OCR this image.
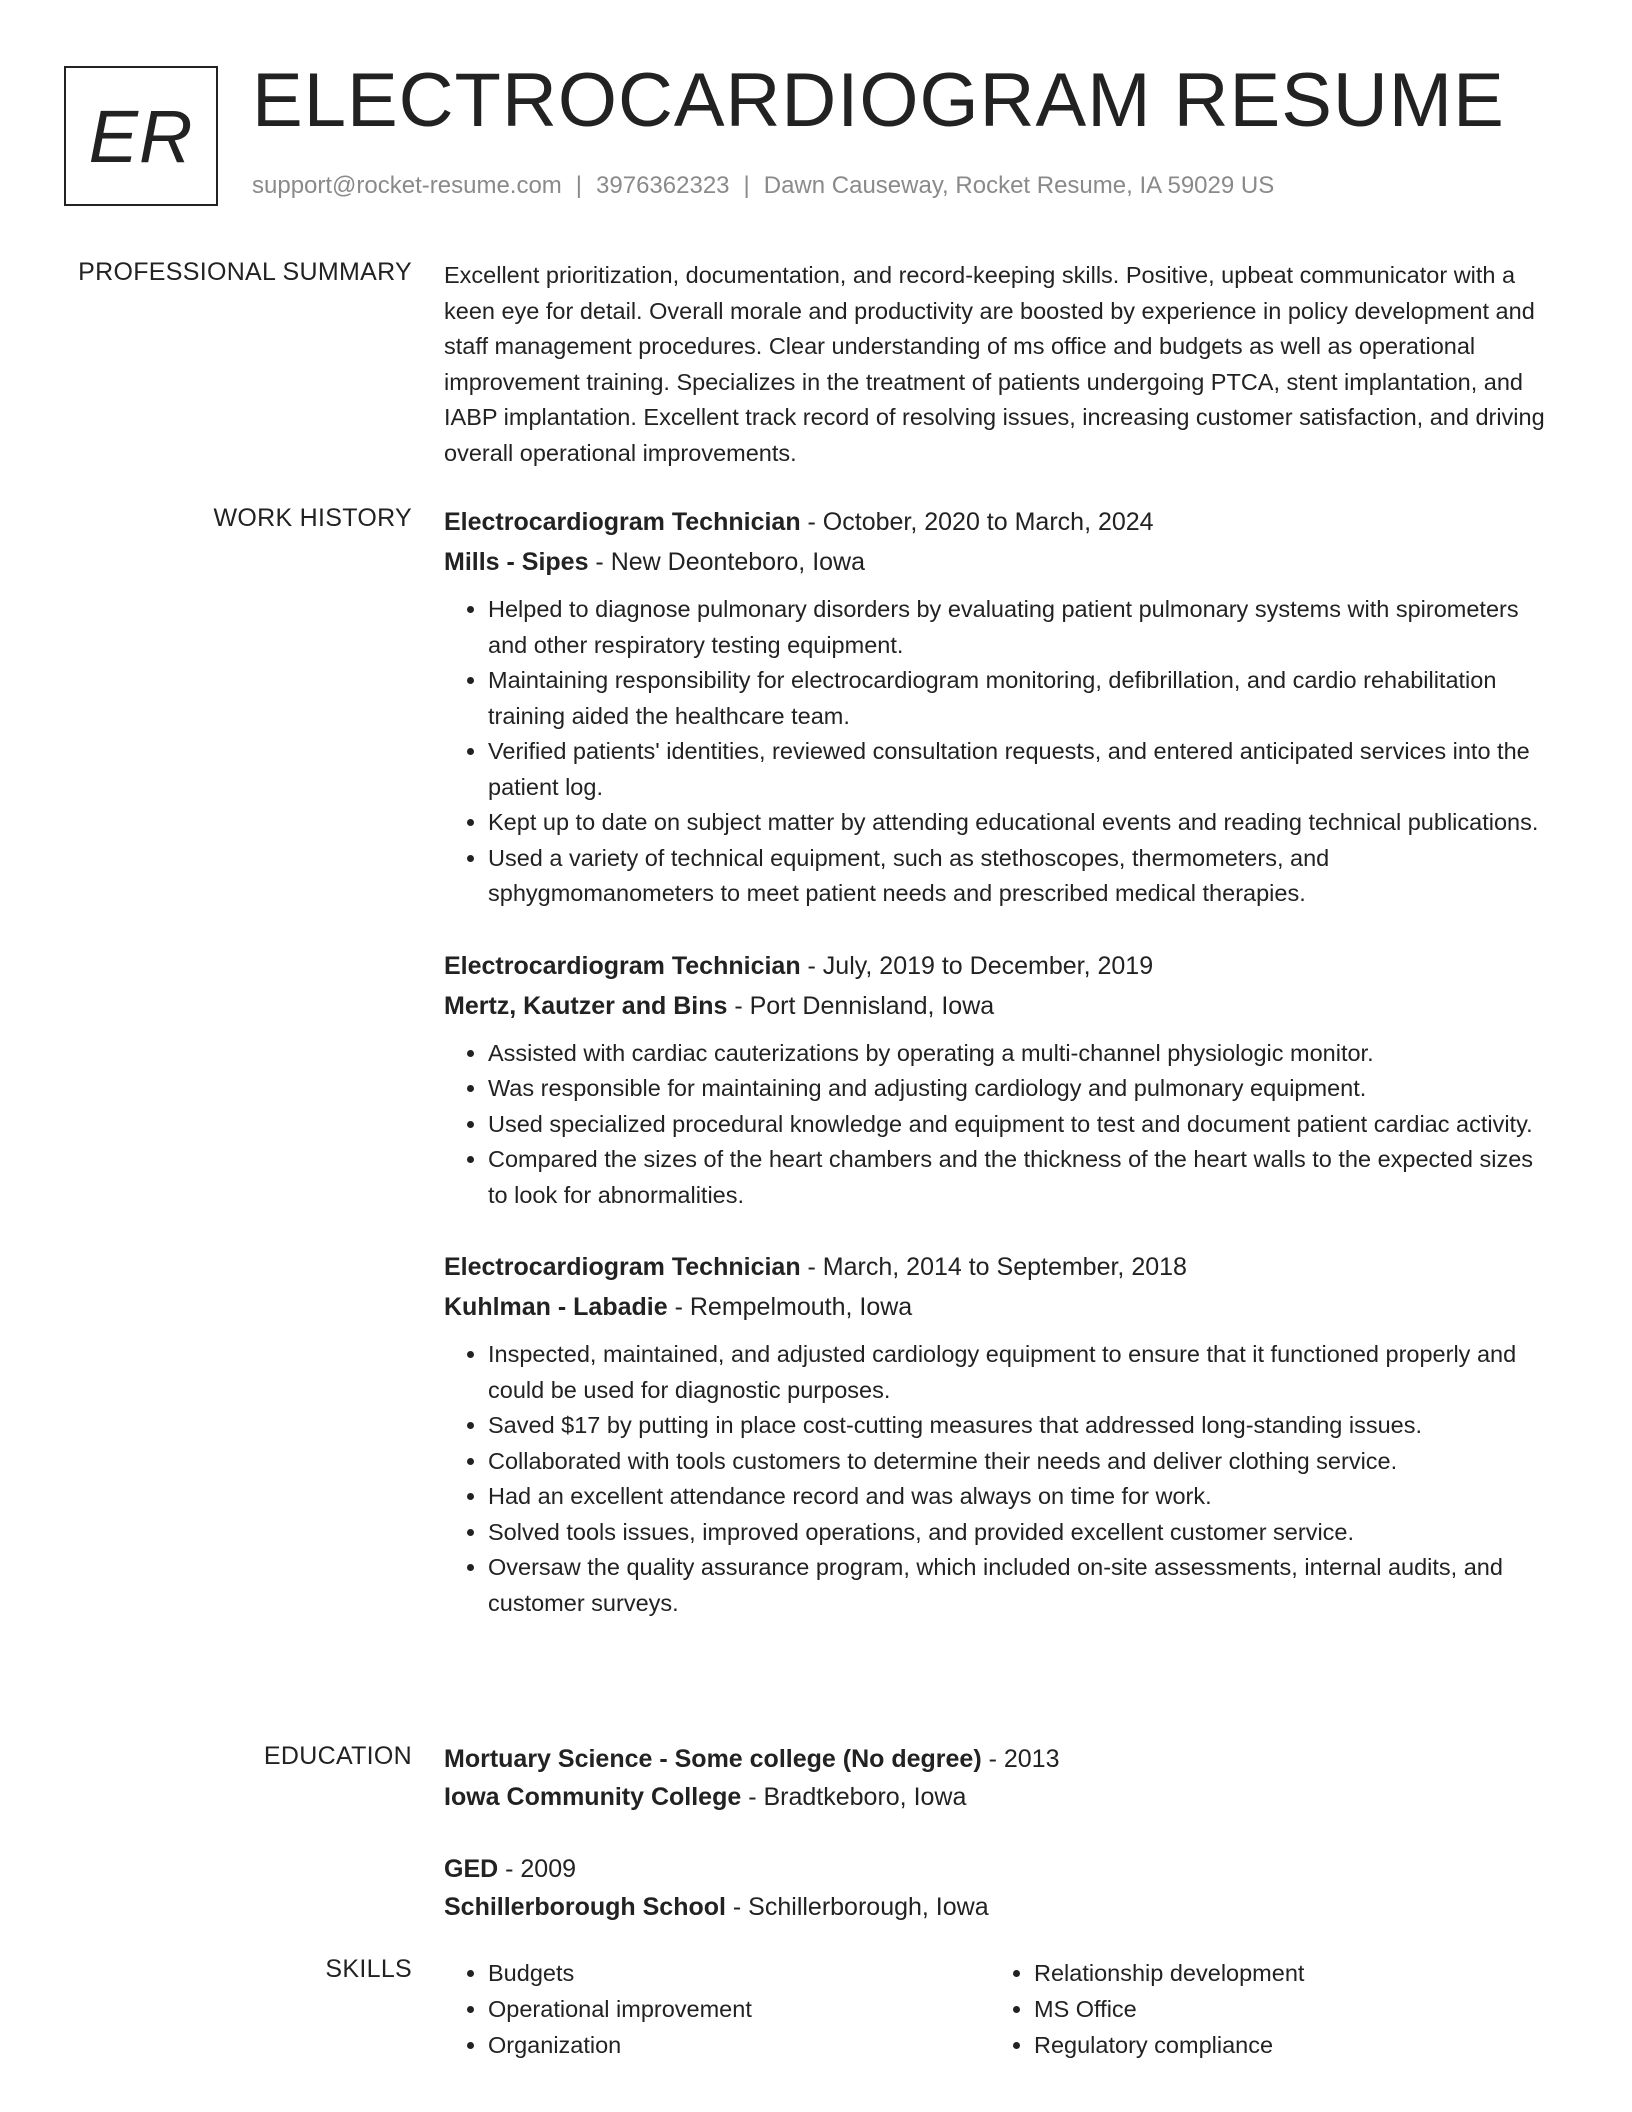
ER ELECTROCARDIOGRAM RESUME
support@rocket-resume.com | 3976362323 | Dawn Causeway, Rocket Resume, IA 59029 US
PROFESSIONAL SUMMARY Excellent prioritization, documentation, and record-keeping skills. Positive, upbeat communicator with a keen eye for detail. Overall morale and productivity are boosted by experience in policy development and staff management procedures. Clear understanding of ms office and budgets as well as operational improvement training. Specializes in the treatment of patients undergoing PTCA, stent implantation, and IABP implantation. Excellent track record of resolving issues, increasing customer satisfaction, and driving overall operational improvements.
WORK HISTORY Electrocardiogram Technician - October, 2020 to March, 2024
Mills - Sipes - New Deonteboro, Iowa
• Helped to diagnose pulmonary disorders by evaluating patient pulmonary systems with spirometers and other respiratory testing equipment.
• Maintaining responsibility for electrocardiogram monitoring, defibrillation, and cardio rehabilitation training aided the healthcare team.
• Verified patients' identities, reviewed consultation requests, and entered anticipated services into the patient log.
• Kept up to date on subject matter by attending educational events and reading technical publications.
• Used a variety of technical equipment, such as stethoscopes, thermometers, and sphygmomanometers to meet patient needs and prescribed medical therapies.
Electrocardiogram Technician - July, 2019 to December, 2019
Mertz, Kautzer and Bins - Port Dennisland, Iowa
• Assisted with cardiac cauterizations by operating a multi-channel physiologic monitor.
• Was responsible for maintaining and adjusting cardiology and pulmonary equipment.
• Used specialized procedural knowledge and equipment to test and document patient cardiac activity.
• Compared the sizes of the heart chambers and the thickness of the heart walls to the expected sizes to look for abnormalities.
Electrocardiogram Technician - March, 2014 to September, 2018
Kuhlman - Labadie - Rempelmouth, Iowa
• Inspected, maintained, and adjusted cardiology equipment to ensure that it functioned properly and could be used for diagnostic purposes.
• Saved $17 by putting in place cost-cutting measures that addressed long-standing issues.
• Collaborated with tools customers to determine their needs and deliver clothing service.
• Had an excellent attendance record and was always on time for work.
• Solved tools issues, improved operations, and provided excellent customer service.
• Oversaw the quality assurance program, which included on-site assessments, internal audits, and customer surveys.
EDUCATION Mortuary Science - Some college (No degree) - 2013
Iowa Community College - Bradtkeboro, Iowa
GED - 2009
Schillerborough School - Schillerborough, Iowa
SKILLS
•	Budgets
• Operational improvement
• Organization
• Relationship development
• MS Office
• Regulatory compliance
